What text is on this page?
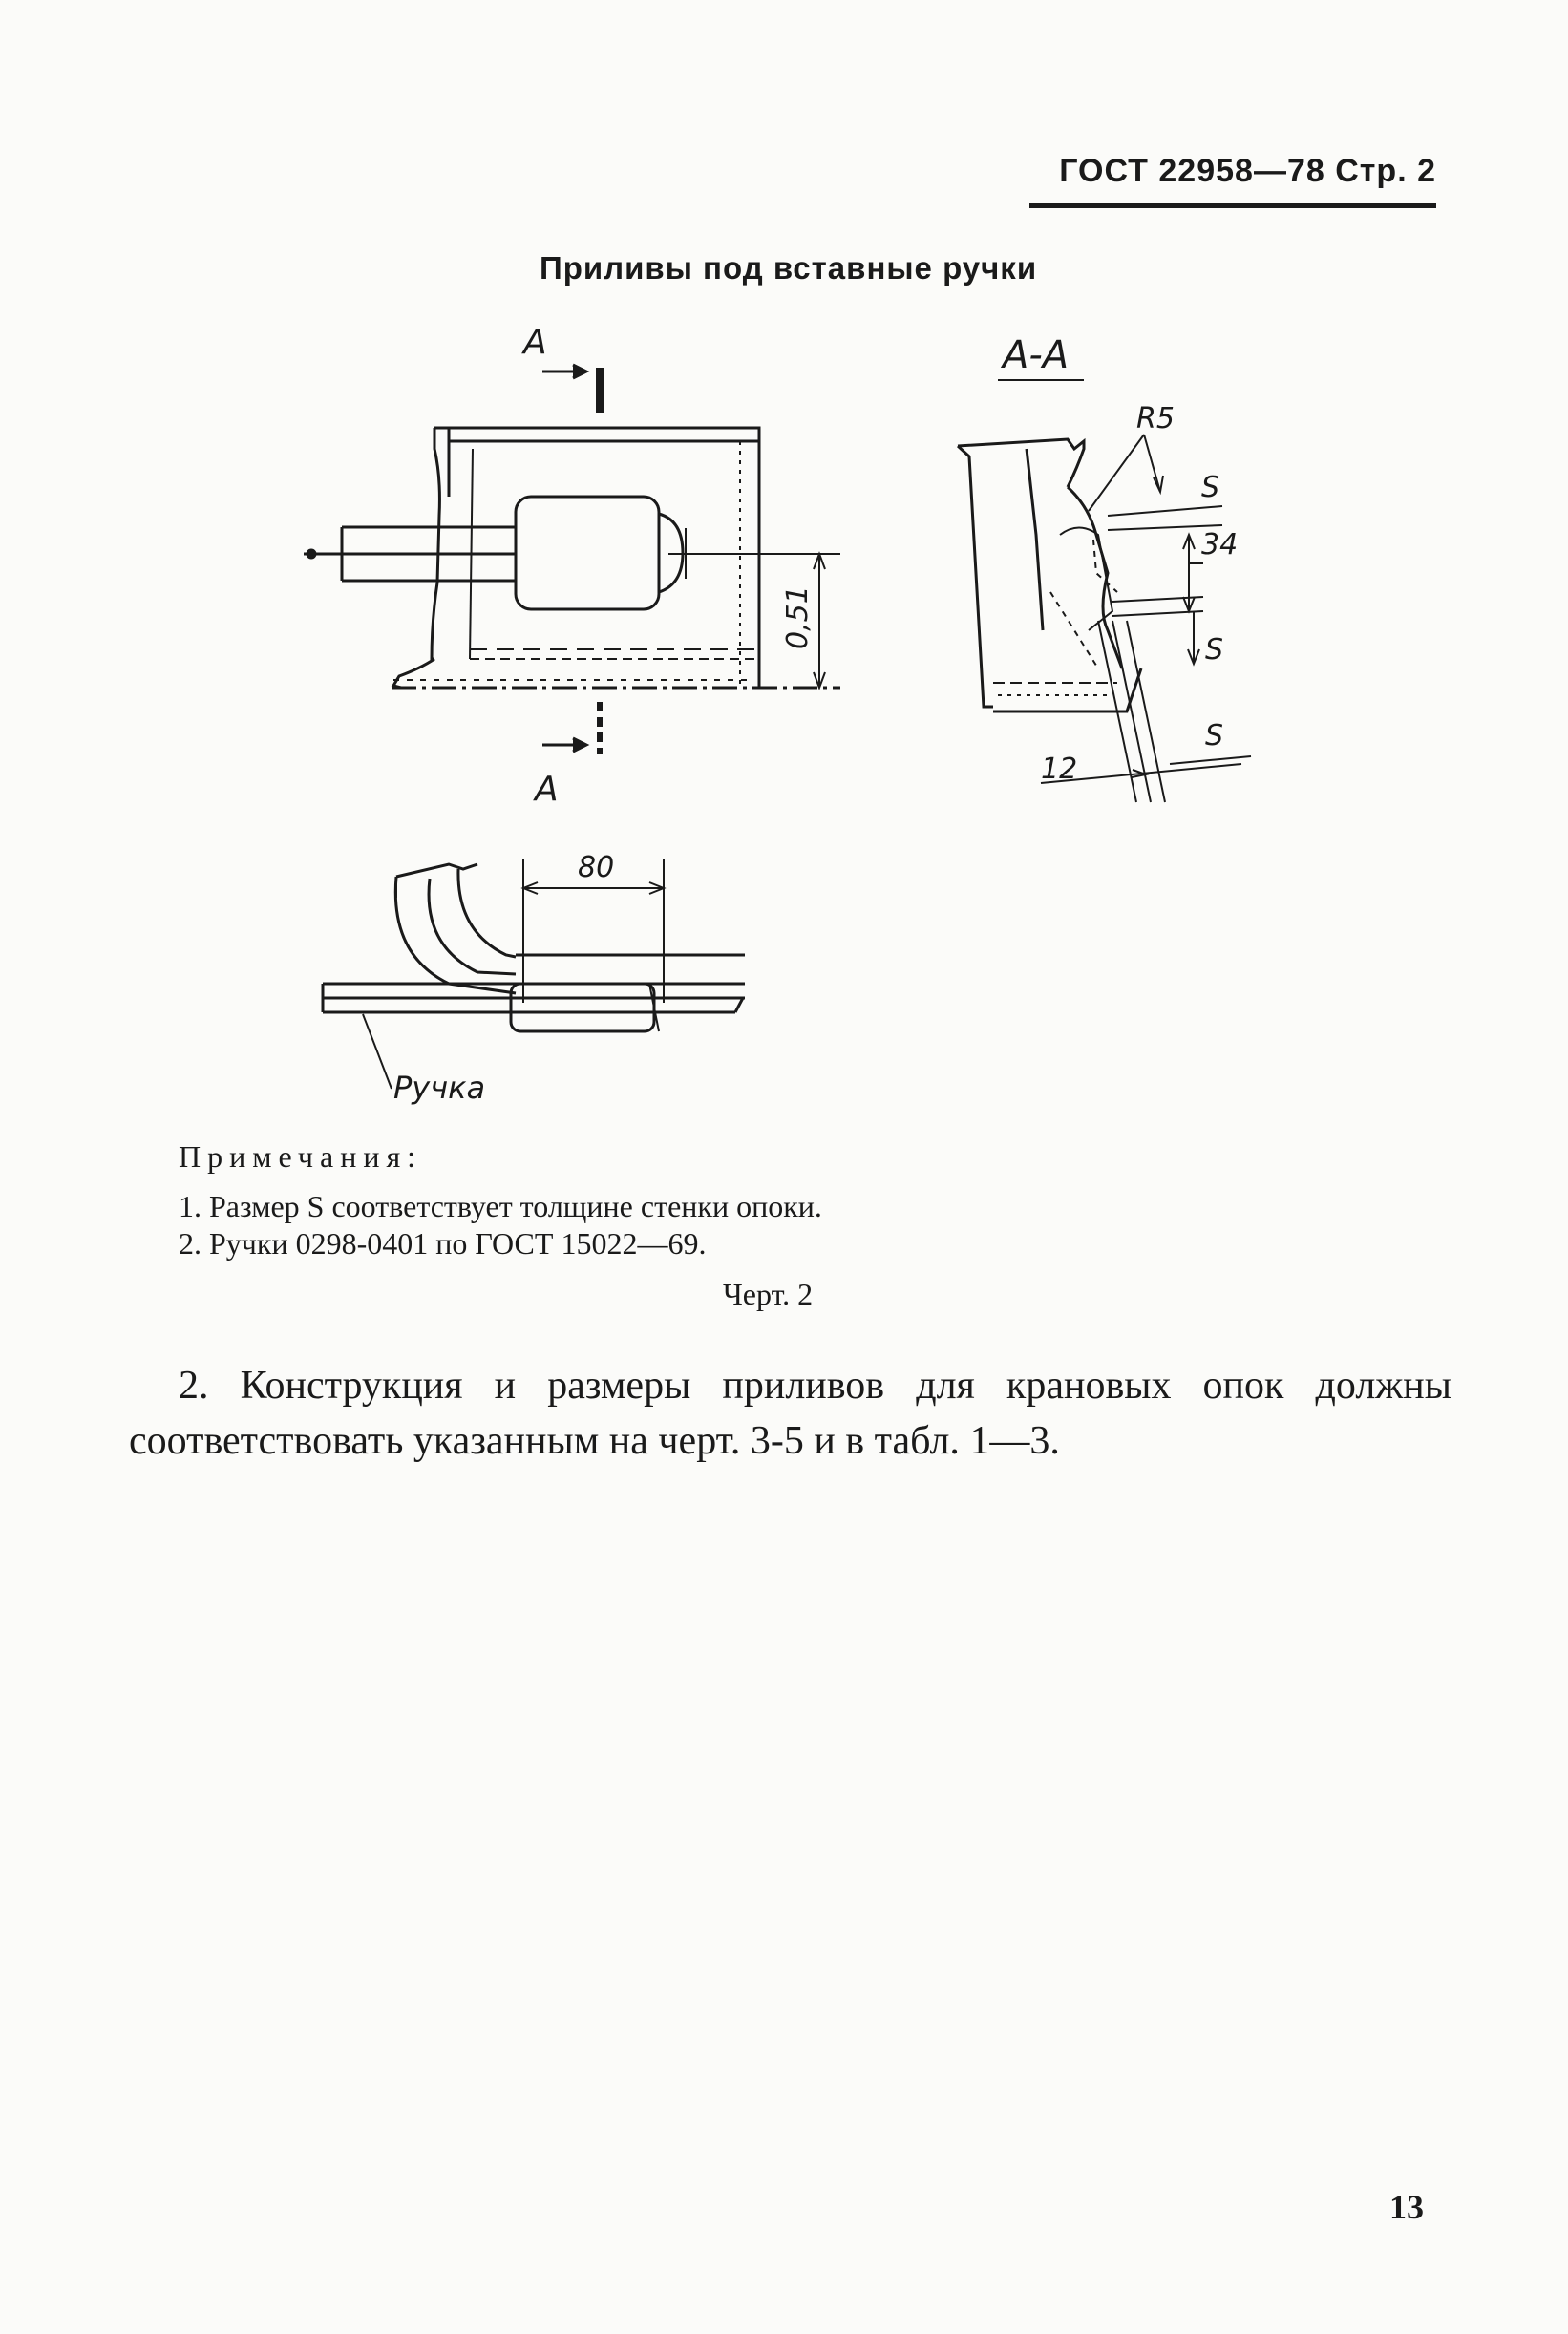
ГОСТ 22958—78 Стр. 2
Приливы под вставные ручки
А
0,51
А
А-А
R5
S
34
S
12
S
80
Ручка
Примечания:
1. Размер S соответствует толщине стенки опоки.
2. Ручки 0298-0401 по ГОСТ 15022—69.
Черт. 2
2. Конструкция и размеры приливов для крановых опок должны соответствовать указанным на черт. 3-5 и в табл. 1—3.
13
